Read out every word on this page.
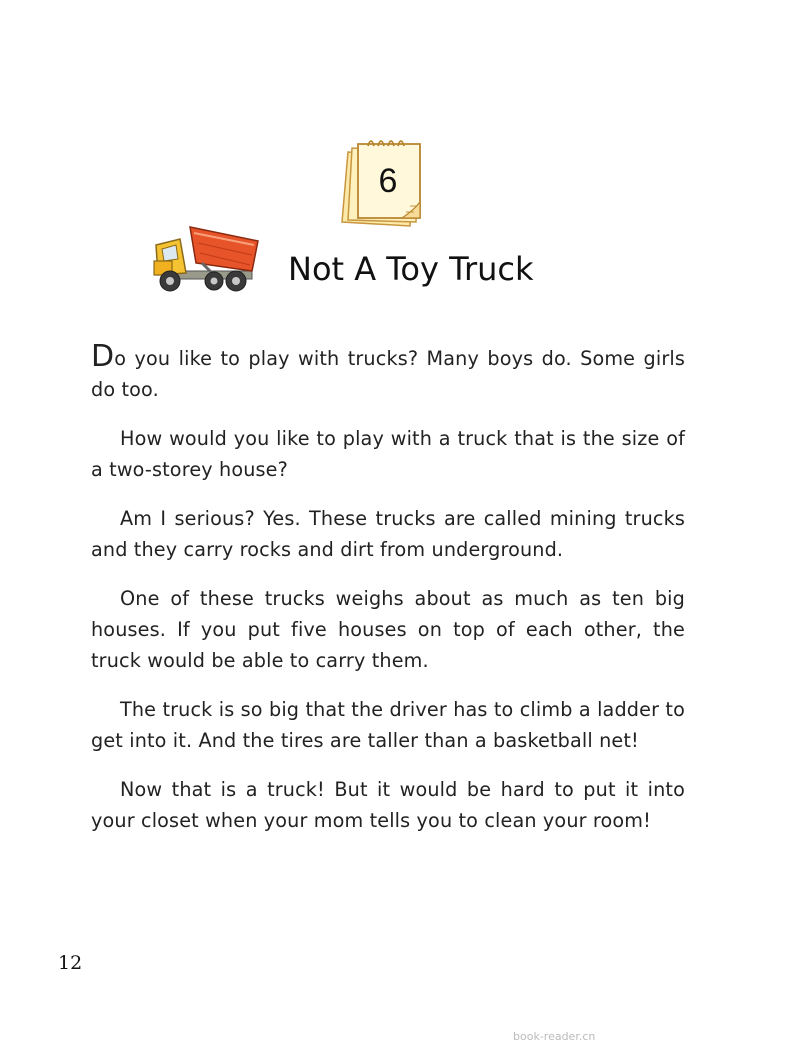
6
Not A Toy Truck

Do you like to play with trucks? Many boys do. Some girls do too.

How would you like to play with a truck that is the size of a two-storey house?

Am I serious? Yes. These trucks are called mining trucks and they carry rocks and dirt from underground.

One of these trucks weighs about as much as ten big houses. If you put five houses on top of each other, the truck would be able to carry them.

The truck is so big that the driver has to climb a ladder to get into it. And the tires are taller than a basketball net!

Now that is a truck! But it would be hard to put it into your closet when your mom tells you to clean your room!

12
book-reader.cn
